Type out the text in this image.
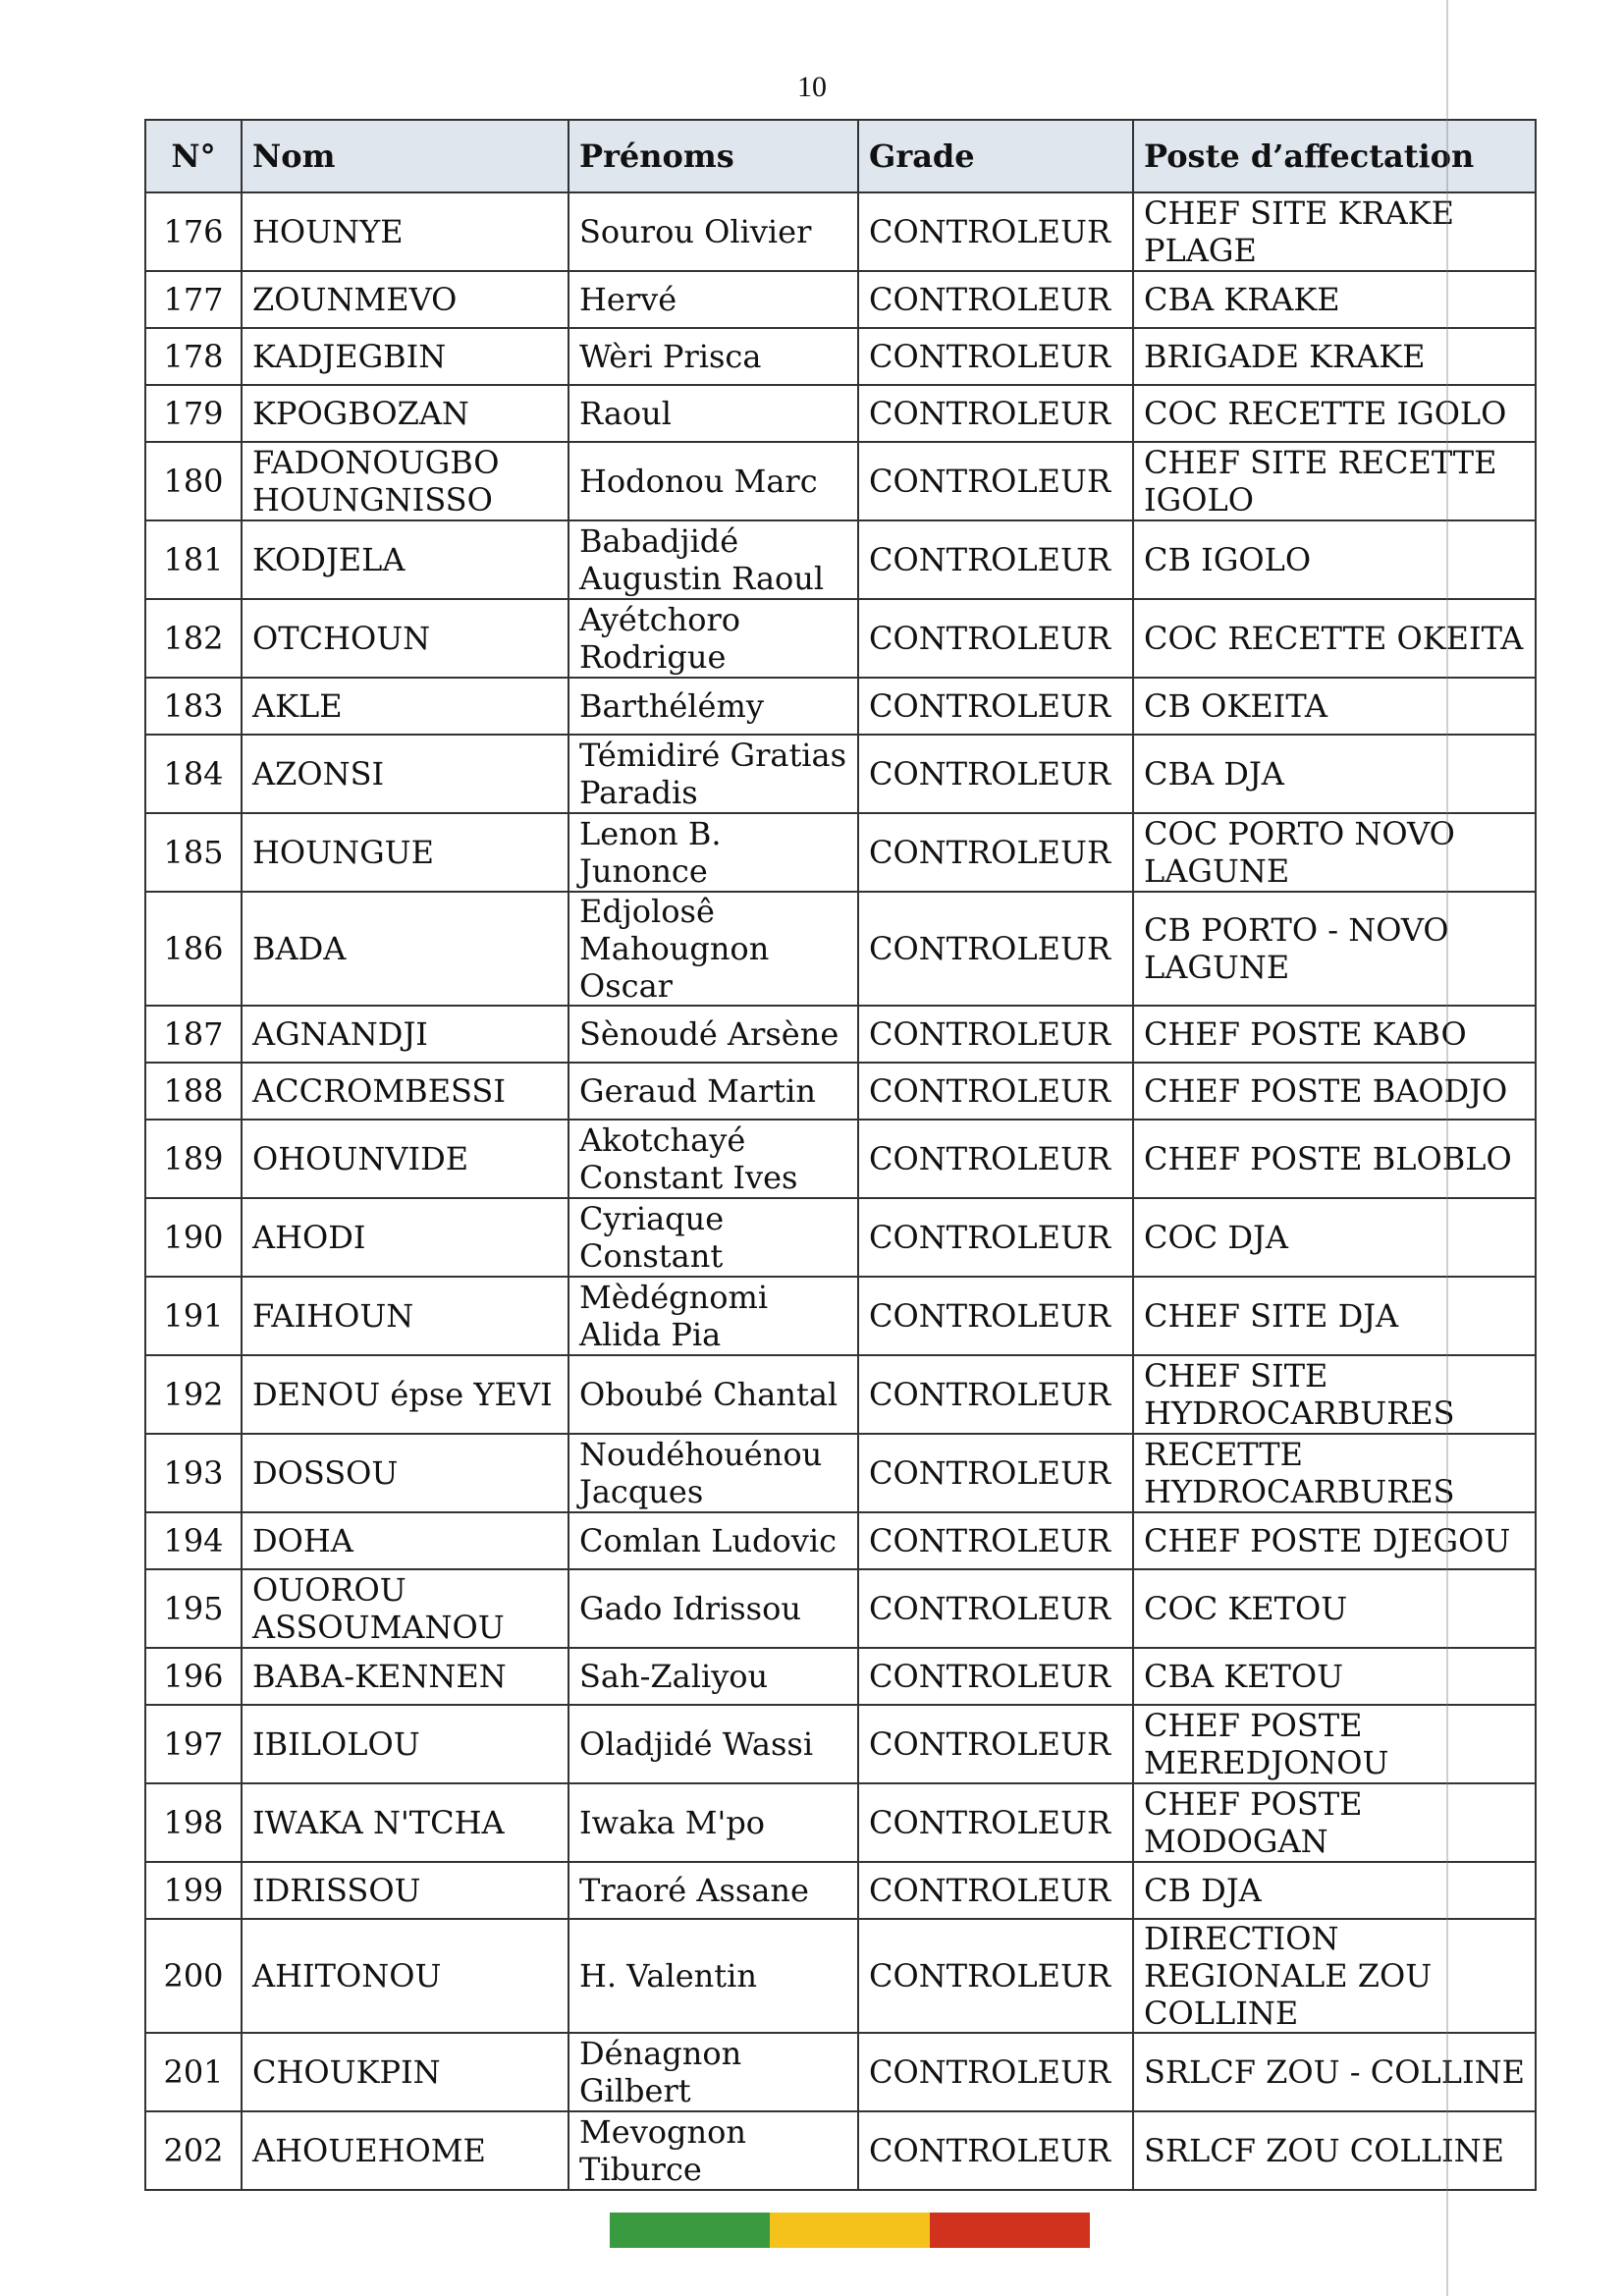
10
N°	Nom	Prénoms	Grade	Poste d’affectation
176	HOUNYE	Sourou Olivier	CONTROLEUR	CHEF SITE KRAKE PLAGE
177	ZOUNMEVO	Hervé	CONTROLEUR	CBA KRAKE
178	KADJEGBIN	Wèri Prisca	CONTROLEUR	BRIGADE KRAKE
179	KPOGBOZAN	Raoul	CONTROLEUR	COC RECETTE IGOLO
180	FADONOUGBO HOUNGNISSO	Hodonou Marc	CONTROLEUR	CHEF SITE RECETTE IGOLO
181	KODJELA	Babadjidé Augustin Raoul	CONTROLEUR	CB IGOLO
182	OTCHOUN	Ayétchoro Rodrigue	CONTROLEUR	COC RECETTE OKEITA
183	AKLE	Barthélémy	CONTROLEUR	CB OKEITA
184	AZONSI	Témidiré Gratias Paradis	CONTROLEUR	CBA DJA
185	HOUNGUE	Lenon B. Junonce	CONTROLEUR	COC PORTO NOVO LAGUNE
186	BADA	Edjolosê Mahougnon Oscar	CONTROLEUR	CB PORTO - NOVO LAGUNE
187	AGNANDJI	Sènoudé Arsène	CONTROLEUR	CHEF POSTE KABO
188	ACCROMBESSI	Geraud Martin	CONTROLEUR	CHEF POSTE BAODJO
189	OHOUNVIDE	Akotchayé Constant Ives	CONTROLEUR	CHEF POSTE BLOBLO
190	AHODI	Cyriaque Constant	CONTROLEUR	COC DJA
191	FAIHOUN	Mèdégnomi Alida Pia	CONTROLEUR	CHEF SITE DJA
192	DENOU épse YEVI	Oboubé Chantal	CONTROLEUR	CHEF SITE HYDROCARBURES
193	DOSSOU	Noudéhouénou Jacques	CONTROLEUR	RECETTE HYDROCARBURES
194	DOHA	Comlan Ludovic	CONTROLEUR	CHEF POSTE DJEGOU
195	OUOROU ASSOUMANOU	Gado Idrissou	CONTROLEUR	COC KETOU
196	BABA-KENNEN	Sah-Zaliyou	CONTROLEUR	CBA KETOU
197	IBILOLOU	Oladjidé Wassi	CONTROLEUR	CHEF POSTE MEREDJONOU
198	IWAKA N'TCHA	Iwaka M'po	CONTROLEUR	CHEF POSTE MODOGAN
199	IDRISSOU	Traoré Assane	CONTROLEUR	CB DJA
200	AHITONOU	H. Valentin	CONTROLEUR	DIRECTION REGIONALE ZOU COLLINE
201	CHOUKPIN	Dénagnon Gilbert	CONTROLEUR	SRLCF ZOU - COLLINE
202	AHOUEHOME	Mevognon Tiburce	CONTROLEUR	SRLCF ZOU COLLINE
